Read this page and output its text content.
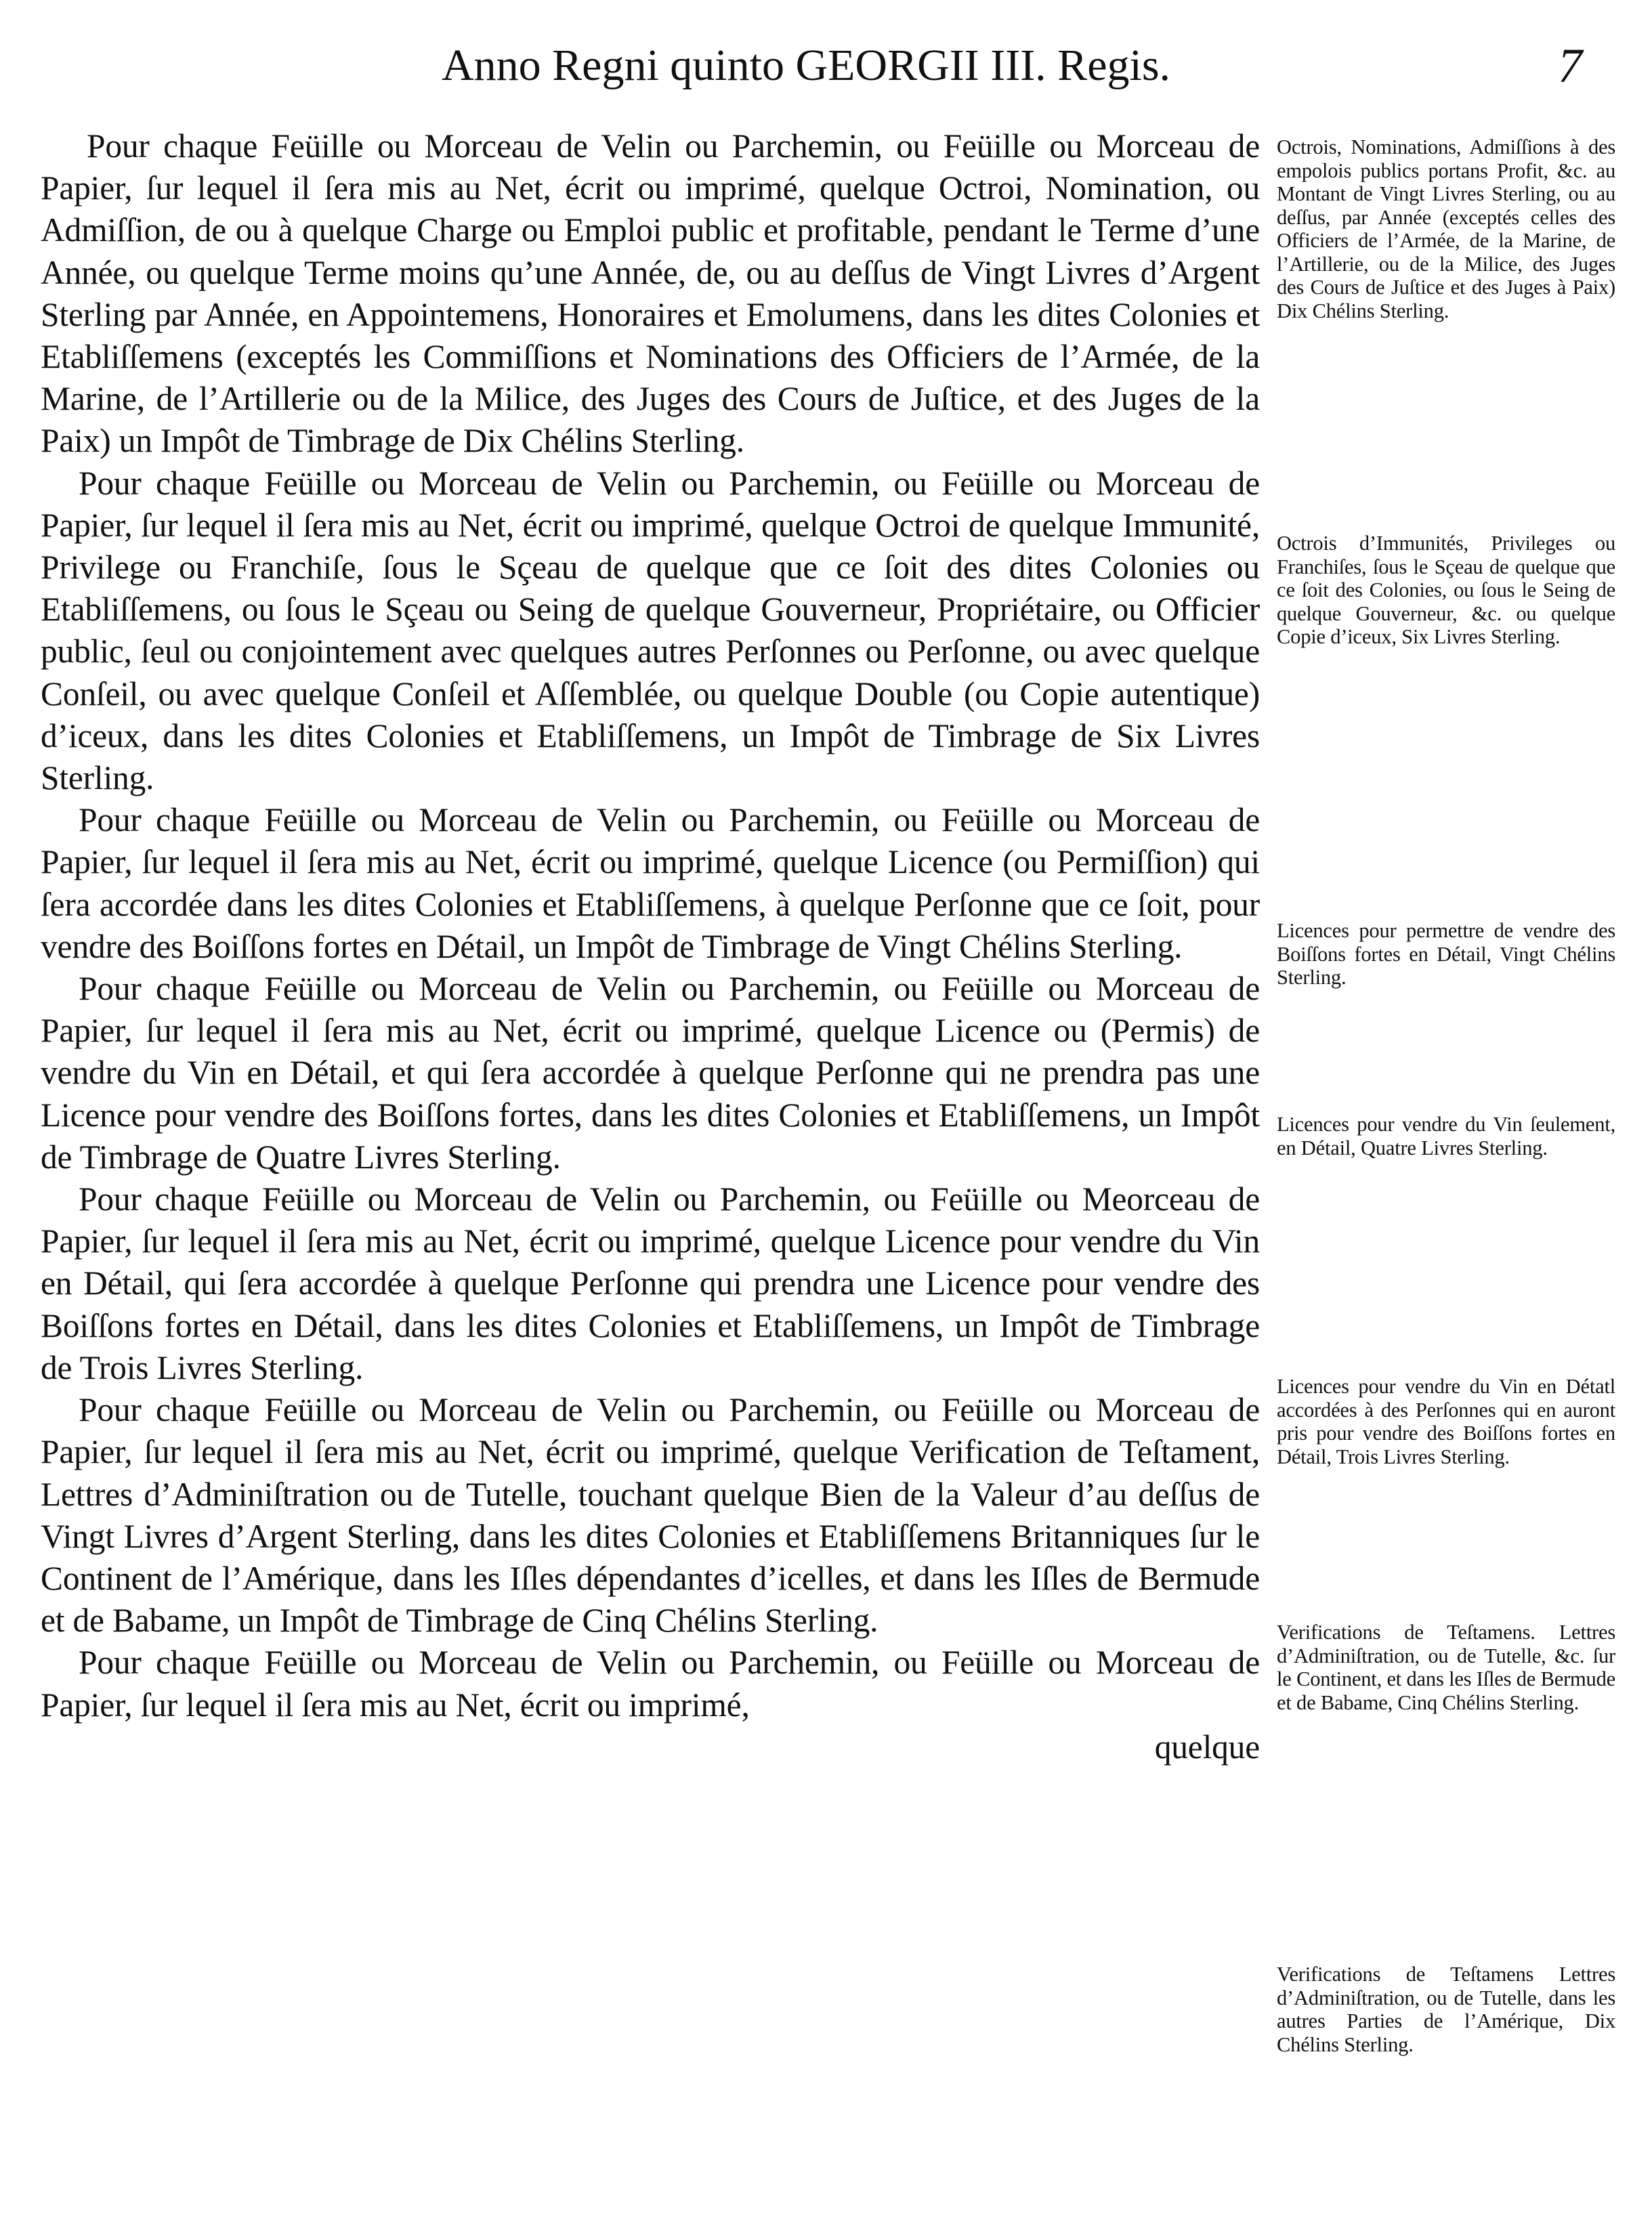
Anno Regni quinto GEORGII III. Regis.	7

Pour chaque Feüille ou Morceau de Velin ou Parchemin, ou Feüille ou Morceau de Papier, ſur lequel il ſera mis au Net, écrit ou imprimé, quelque Octroi, Nomination, ou Admiſſion, de ou à quelque Charge ou Emploi public et profitable, pendant le Terme d’une Année, ou quelque Terme moins qu’une Année, de, ou au deſſus de Vingt Livres d’Argent Sterling par Année, en Appointemens, Honoraires et Emolumens, dans les dites Colonies et Etabliſſemens (exceptés les Commiſſions et Nominations des Officiers de l’Armée, de la Marine, de l’Artillerie ou de la Milice, des Juges des Cours de Juſtice, et des Juges de la Paix) un Impôt de Timbrage de Dix Chélins Sterling.

Pour chaque Feüille ou Morceau de Velin ou Parchemin, ou Feüille ou Morceau de Papier, ſur lequel il ſera mis au Net, écrit ou imprimé, quelque Octroi de quelque Immunité, Privilege ou Franchiſe, ſous le Sçeau de quelque que ce ſoit des dites Colonies ou Etabliſſemens, ou ſous le Sçeau ou Seing de quelque Gouverneur, Propriétaire, ou Officier public, ſeul ou conjointement avec quelques autres Perſonnes ou Perſonne, ou avec quelque Conſeil, ou avec quelque Conſeil et Aſſemblée, ou quelque Double (ou Copie autentique) d’iceux, dans les dites Colonies et Etabliſſemens, un Impôt de Timbrage de Six Livres Sterling.

Pour chaque Feüille ou Morceau de Velin ou Parchemin, ou Feüille ou Morceau de Papier, ſur lequel il ſera mis au Net, écrit ou imprimé, quelque Licence (ou Permiſſion) qui ſera accordée dans les dites Colonies et Etabliſſemens, à quelque Perſonne que ce ſoit, pour vendre des Boiſſons fortes en Détail, un Impôt de Timbrage de Vingt Chélins Sterling.

Pour chaque Feüille ou Morceau de Velin ou Parchemin, ou Feüille ou Morceau de Papier, ſur lequel il ſera mis au Net, écrit ou imprimé, quelque Licence ou (Permis) de vendre du Vin en Détail, et qui ſera accordée à quelque Perſonne qui ne prendra pas une Licence pour vendre des Boiſſons fortes, dans les dites Colonies et Etabliſſemens, un Impôt de Timbrage de Quatre Livres Sterling.

Pour chaque Feüille ou Morceau de Velin ou Parchemin, ou Feüille ou Meorceau de Papier, ſur lequel il ſera mis au Net, écrit ou imprimé, quelque Licence pour vendre du Vin en Détail, qui ſera accordée à quelque Perſonne qui prendra une Licence pour vendre des Boiſſons fortes en Détail, dans les dites Colonies et Etabliſſemens, un Impôt de Timbrage de Trois Livres Sterling.

Pour chaque Feüille ou Morceau de Velin ou Parchemin, ou Feüille ou Morceau de Papier, ſur lequel il ſera mis au Net, écrit ou imprimé, quelque Verification de Teſtament, Lettres d’Adminiſtration ou de Tutelle, touchant quelque Bien de la Valeur d’au deſſus de Vingt Livres d’Argent Sterling, dans les dites Colonies et Etabliſſemens Britanniques ſur le Continent de l’Amérique, dans les Iſles dépendantes d’icelles, et dans les Iſles de Bermude et de Babame, un Impôt de Timbrage de Cinq Chélins Sterling.

Pour chaque Feüille ou Morceau de Velin ou Parchemin, ou Feüille ou Morceau de Papier, ſur lequel il ſera mis au Net, écrit ou imprimé,

quelque

Octrois, Nominations, Admiſſions à des empolois publics portans Profit, &c. au Montant de Vingt Livres Sterling, ou au deſſus, par Année (exceptés celles des Officiers de l’Armée, de la Marine, de l’Artillerie, ou de la Milice, des Juges des Cours de Juſtice et des Juges à Paix) Dix Chélins Sterling.
Octrois d’Immunités, Privileges ou Franchiſes, ſous le Sçeau de quelque que ce ſoit des Colonies, ou ſous le Seing de quelque Gouverneur, &c. ou quelque Copie d’iceux, Six Livres Sterling.
Licences pour permettre de vendre des Boiſſons fortes en Détail, Vingt Chélins Sterling.
Licences pour vendre du Vin ſeulement, en Détail, Quatre Livres Sterling.
Licences pour vendre du Vin en Détatl accordées à des Perſonnes qui en auront pris pour vendre des Boiſſons fortes en Détail, Trois Livres Sterling.
Verifications de Teſtamens. Lettres d’Adminiſtration, ou de Tutelle, &c. ſur le Continent, et dans les Iſles de Bermude et de Babame, Cinq Chélins Sterling.
Verifications de Teſtamens Lettres d’Adminiſtration, ou de Tutelle, dans les autres Parties de l’Amérique, Dix Chélins Sterling.
